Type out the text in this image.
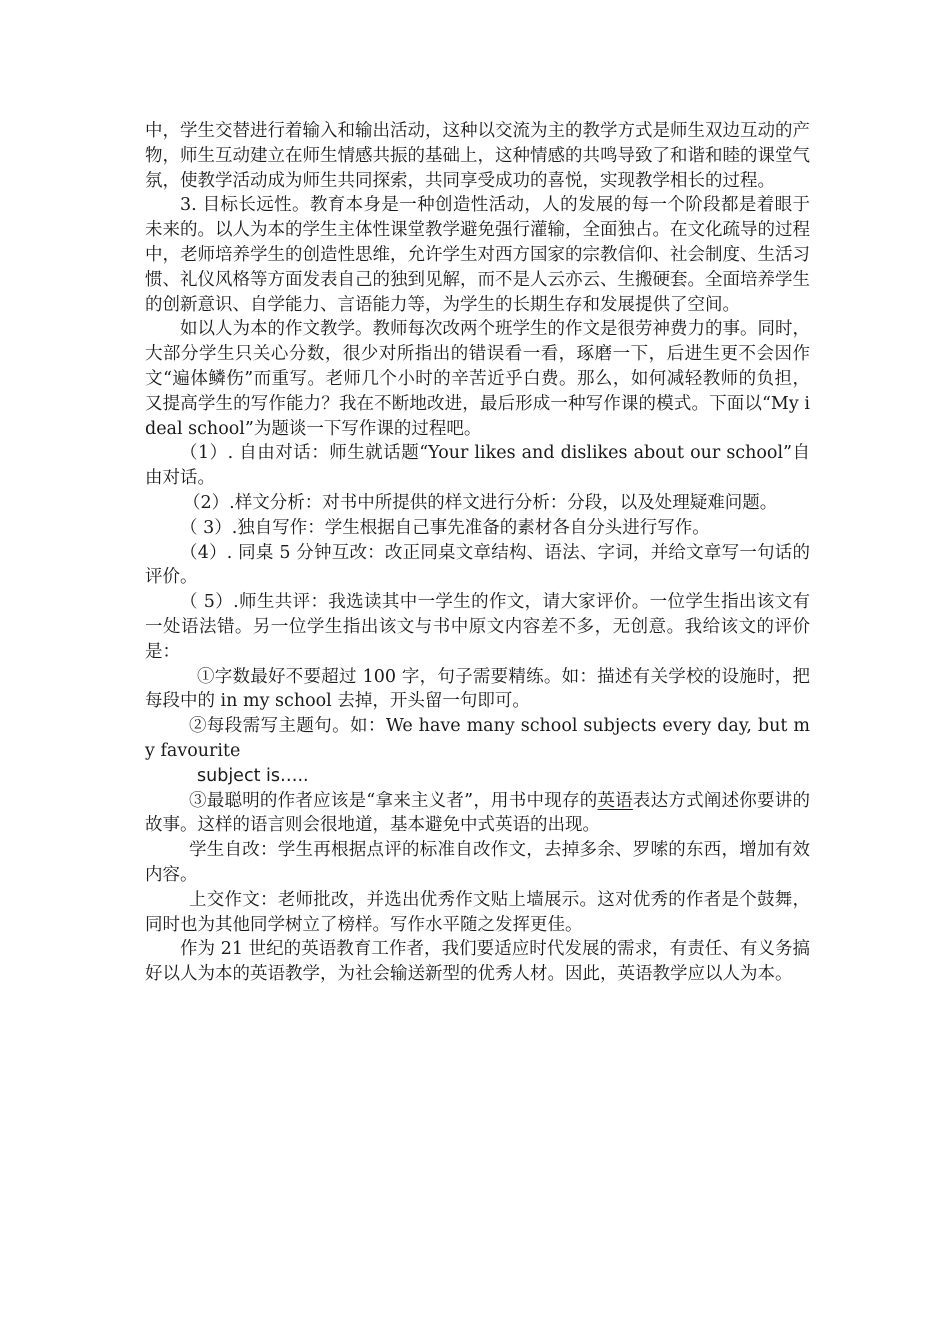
中，学生交替进行着输入和输出活动，这种以交流为主的教学方式是师生双边互动的产物，师生互动建立在师生情感共振的基础上，这种情感的共鸣导致了和谐和睦的课堂气氛，使教学活动成为师生共同探索，共同享受成功的喜悦，实现教学相长的过程。

3. 目标长远性。教育本身是一种创造性活动，人的发展的每一个阶段都是着眼于未来的。以人为本的学生主体性课堂教学避免强行灌输，全面独占。在文化疏导的过程中，老师培养学生的创造性思维，允许学生对西方国家的宗教信仰、社会制度、生活习惯、礼仪风格等方面发表自己的独到见解，而不是人云亦云、生搬硬套。全面培养学生的创新意识、自学能力、言语能力等，为学生的长期生存和发展提供了空间。

如以人为本的作文教学。教师每次改两个班学生的作文是很劳神费力的事。同时，大部分学生只关心分数，很少对所指出的错误看一看，琢磨一下，后进生更不会因作文“遍体鳞伤”而重写。老师几个小时的辛苦近乎白费。那么，如何减轻教师的负担，又提高学生的写作能力？我在不断地改进，最后形成一种写作课的模式。下面以“My ideal school”为题谈一下写作课的过程吧。

（1）. 自由对话：师生就话题“Your likes and dislikes about our school”自由对话。

（2）.样文分析：对书中所提供的样文进行分析：分段，以及处理疑难问题。

（ 3）.独自写作：学生根据自己事先准备的素材各自分头进行写作。

（4）. 同桌 5 分钟互改：改正同桌文章结构、语法、字词，并给文章写一句话的评价。

（ 5）.师生共评：我选读其中一学生的作文，请大家评价。一位学生指出该文有一处语法错。另一位学生指出该文与书中原文内容差不多，无创意。我给该文的评价是：

①字数最好不要超过 100 字，句子需要精练。如：描述有关学校的设施时，把每段中的 in my school 去掉，开头留一句即可。

②每段需写主题句。如：We have many school subjects every day, but my favourite

subject is…..

③最聪明的作者应该是“拿来主义者”，用书中现存的英语表达方式阐述你要讲的故事。这样的语言则会很地道，基本避免中式英语的出现。

学生自改：学生再根据点评的标准自改作文，去掉多余、罗嗦的东西，增加有效内容。

上交作文：老师批改，并选出优秀作文贴上墙展示。这对优秀的作者是个鼓舞，同时也为其他同学树立了榜样。写作水平随之发挥更佳。

作为 21 世纪的英语教育工作者，我们要适应时代发展的需求，有责任、有义务搞好以人为本的英语教学，为社会输送新型的优秀人材。因此，英语教学应以人为本。
